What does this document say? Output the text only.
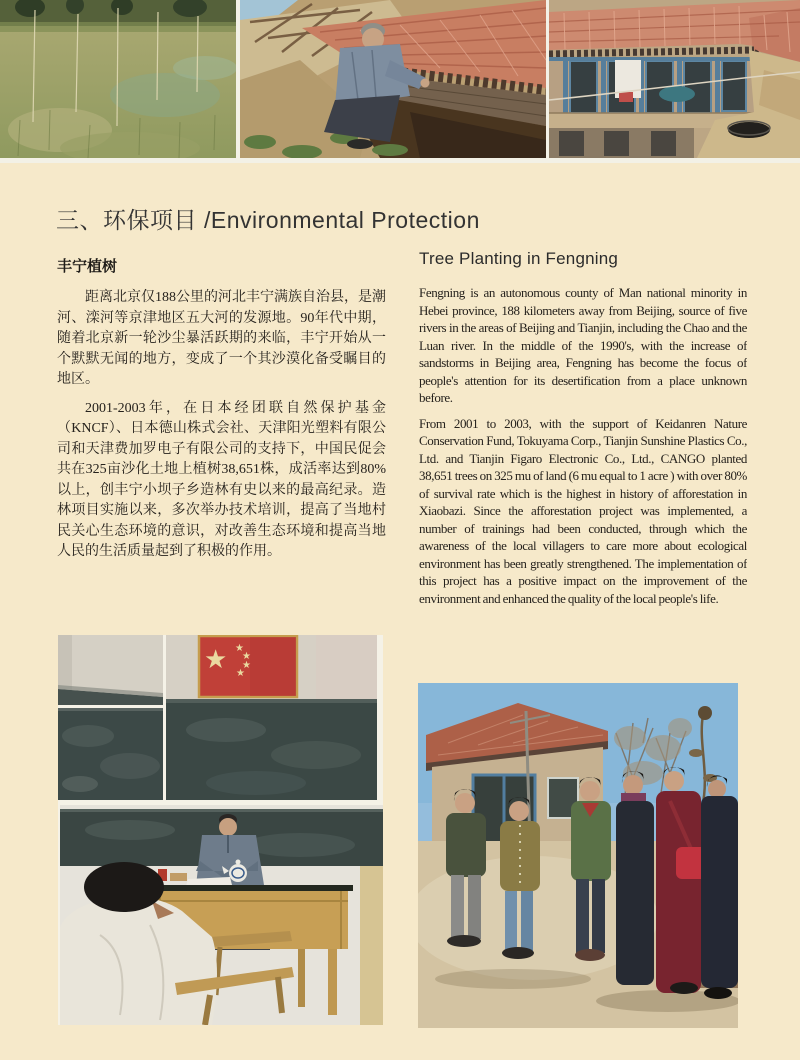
三、环保项目 /Environmental Protection
丰宁植树

距离北京仅188公里的河北丰宁满族自治县，是潮河、滦河等京津地区五大河的发源地。90年代中期，随着北京新一轮沙尘暴活跃期的来临，丰宁开始从一个默默无闻的地方，变成了一个其沙漠化备受瞩目的地区。

2001-2003年，在日本经团联自然保护基金（KNCF）、日本德山株式会社、天津阳光塑料有限公司和天津费加罗电子有限公司的支持下，中国民促会共在325亩沙化土地上植树38,651株，成活率达到80%以上，创丰宁小坝子乡造林有史以来的最高纪录。造林项目实施以来，多次举办技术培训，提高了当地村民关心生态环境的意识，对改善生态环境和提高当地人民的生活质量起到了积极的作用。

Tree Planting in Fengning

Fengning is an autonomous county of Man national minority in Hebei province, 188 kilometers away from Beijing, source of five rivers in the areas of Beijing and Tianjin, including the Chao and the Luan river. In the middle of the 1990's, with the increase of sandstorms in Beijing area, Fengning has become the focus of people's attention for its desertification from a place unknown before.

From 2001 to 2003, with the support of Keidanren Nature Conservation Fund, Tokuyama Corp., Tianjin Sunshine Plastics Co., Ltd. and Tianjin Figaro Electronic Co., Ltd., CANGO planted 38,651 trees on 325 mu of land (6 mu equal to 1 acre ) with over 80% of survival rate which is the highest in history of afforestation in Xiaobazi. Since the afforestation project was implemented, a number of trainings had been conducted, through which the awareness of the local villagers to care more about ecological environment has been greatly strengthened. The implementation of this project has a positive impact on the improvement of the environment and enhanced the quality of the local people's life.

★ ★
★
★
★
